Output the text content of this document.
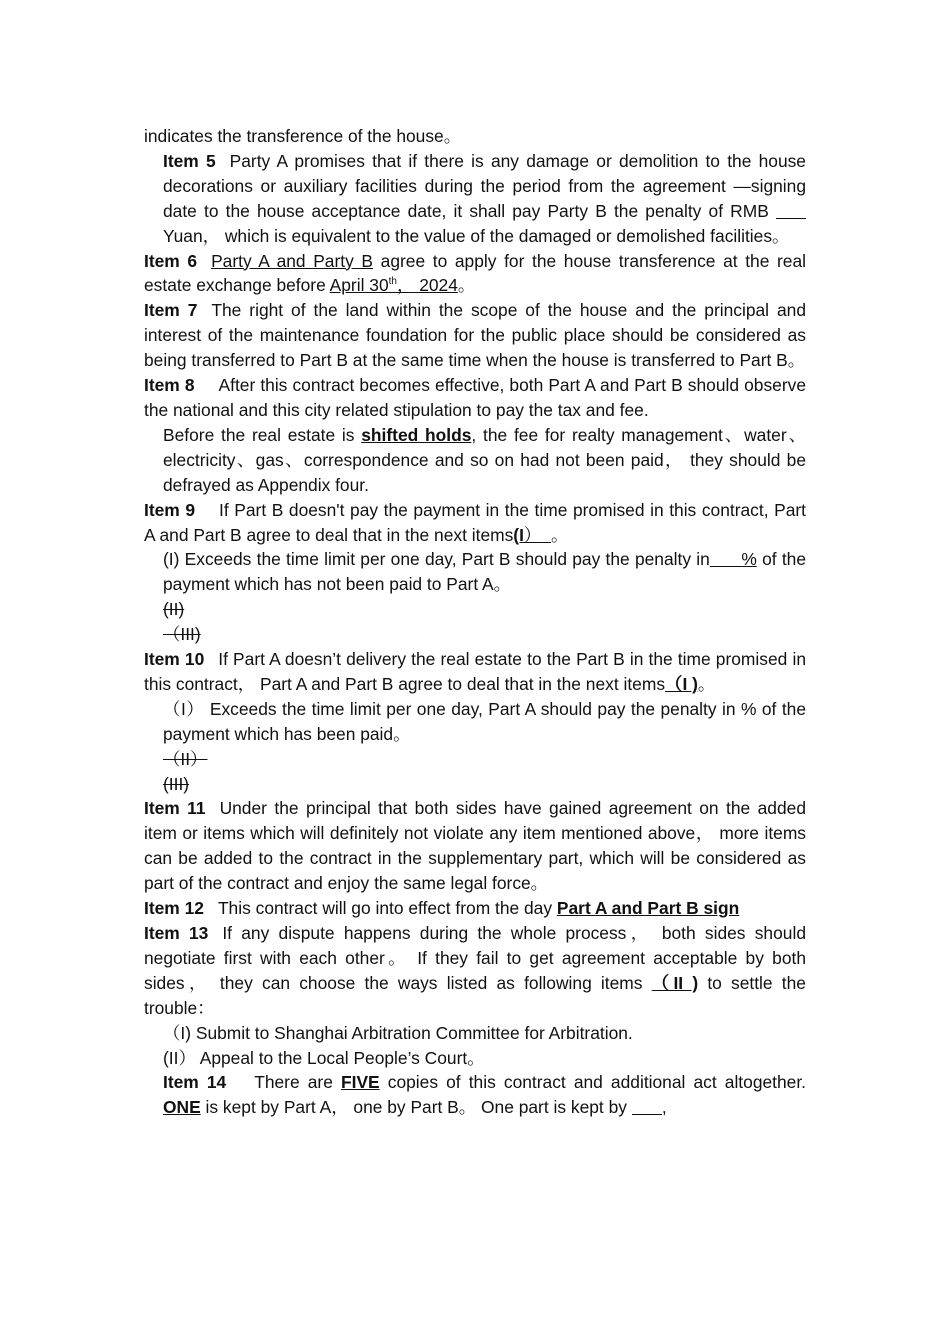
indicates the transference of the house。

Item 5 Party A promises that if there is any damage or demolition to the house decorations or auxiliary facilities during the period from the agreement —signing date to the house acceptance date, it shall pay Party B the penalty of RMB  Yuan， which is equivalent to the value of the damaged or demolished facilities。

Item 6 Party A and Party B agree to apply for the house transference at the real estate exchange before April 30th， 2024。

Item 7 The right of the land within the scope of the house and the principal and interest of the maintenance foundation for the public place should be considered as being transferred to Part B at the same time when the house is transferred to Part B。

Item 8 After this contract becomes effective, both Part A and Part B should observe the national and this city related stipulation to pay the tax and fee.

Before the real estate is shifted holds, the fee for realty management、water、electricity、gas、correspondence and so on had not been paid， they should be defrayed as Appendix four.

Item 9 If Part B doesn't pay the payment in the time promised in this contract, Part A and Part B agree to deal that in the next items(I） 。

(I) Exceeds the time limit per one day, Part B should pay the penalty in % of the payment which has not been paid to Part A。

(II)

（III)

Item 10 If Part A doesn’t delivery the real estate to the Part B in the time promised in this contract， Part A and Part B agree to deal that in the next items（I )。

（I） Exceeds the time limit per one day, Part A should pay the penalty in % of the payment which has been paid。

（II）

(III)

Item 11 Under the principal that both sides have gained agreement on the added item or items which will definitely not violate any item mentioned above， more items can be added to the contract in the supplementary part, which will be considered as part of the contract and enjoy the same legal force。

Item 12 This contract will go into effect from the day Part A and Part B sign

Item 13 If any dispute happens during the whole process， both sides should negotiate first with each other。 If they fail to get agreement acceptable by both sides， they can choose the ways listed as following items （II ) to settle the trouble：

（I) Submit to Shanghai Arbitration Committee for Arbitration.

(II） Appeal to the Local People’s Court。

Item 14 There are FIVE copies of this contract and additional act altogether. ONE is kept by Part A， one by Part B。 One part is kept by ,
